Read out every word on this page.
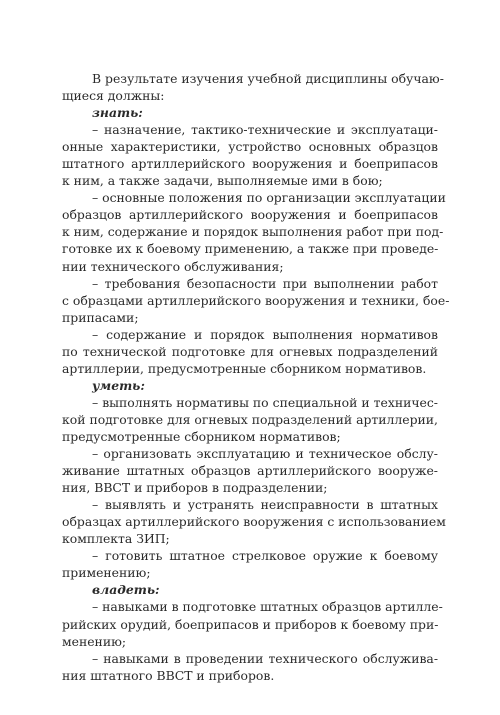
В результате изучения учебной дисциплины обучаю-
щиеся должны:
знать:
– назначение, тактико-технические и эксплуатаци-
онные характеристики, устройство основных образцов
штатного артиллерийского вооружения и боеприпасов
к ним, а также задачи, выполняемые ими в бою;
– основные положения по организации эксплуатации
образцов артиллерийского вооружения и боеприпасов
к ним, содержание и порядок выполнения работ при под-
готовке их к боевому применению, а также при проведе-
нии технического обслуживания;
– требования безопасности при выполнении работ
с образцами артиллерийского вооружения и техники, бое-
припасами;
– содержание и порядок выполнения нормативов
по технической подготовке для огневых подразделений
артиллерии, предусмотренные сборником нормативов.
уметь:
– выполнять нормативы по специальной и техничес-
кой подготовке для огневых подразделений артиллерии,
предусмотренные сборником нормативов;
– организовать эксплуатацию и техническое обслу-
живание штатных образцов артиллерийского вооруже-
ния, ВВСТ и приборов в подразделении;
– выявлять и устранять неисправности в штатных
образцах артиллерийского вооружения с использованием
комплекта ЗИП;
– готовить штатное стрелковое оружие к боевому
применению;
владеть:
– навыками в подготовке штатных образцов артилле-
рийских орудий, боеприпасов и приборов к боевому при-
менению;
– навыками в проведении технического обслужива-
ния штатного ВВСТ и приборов.
